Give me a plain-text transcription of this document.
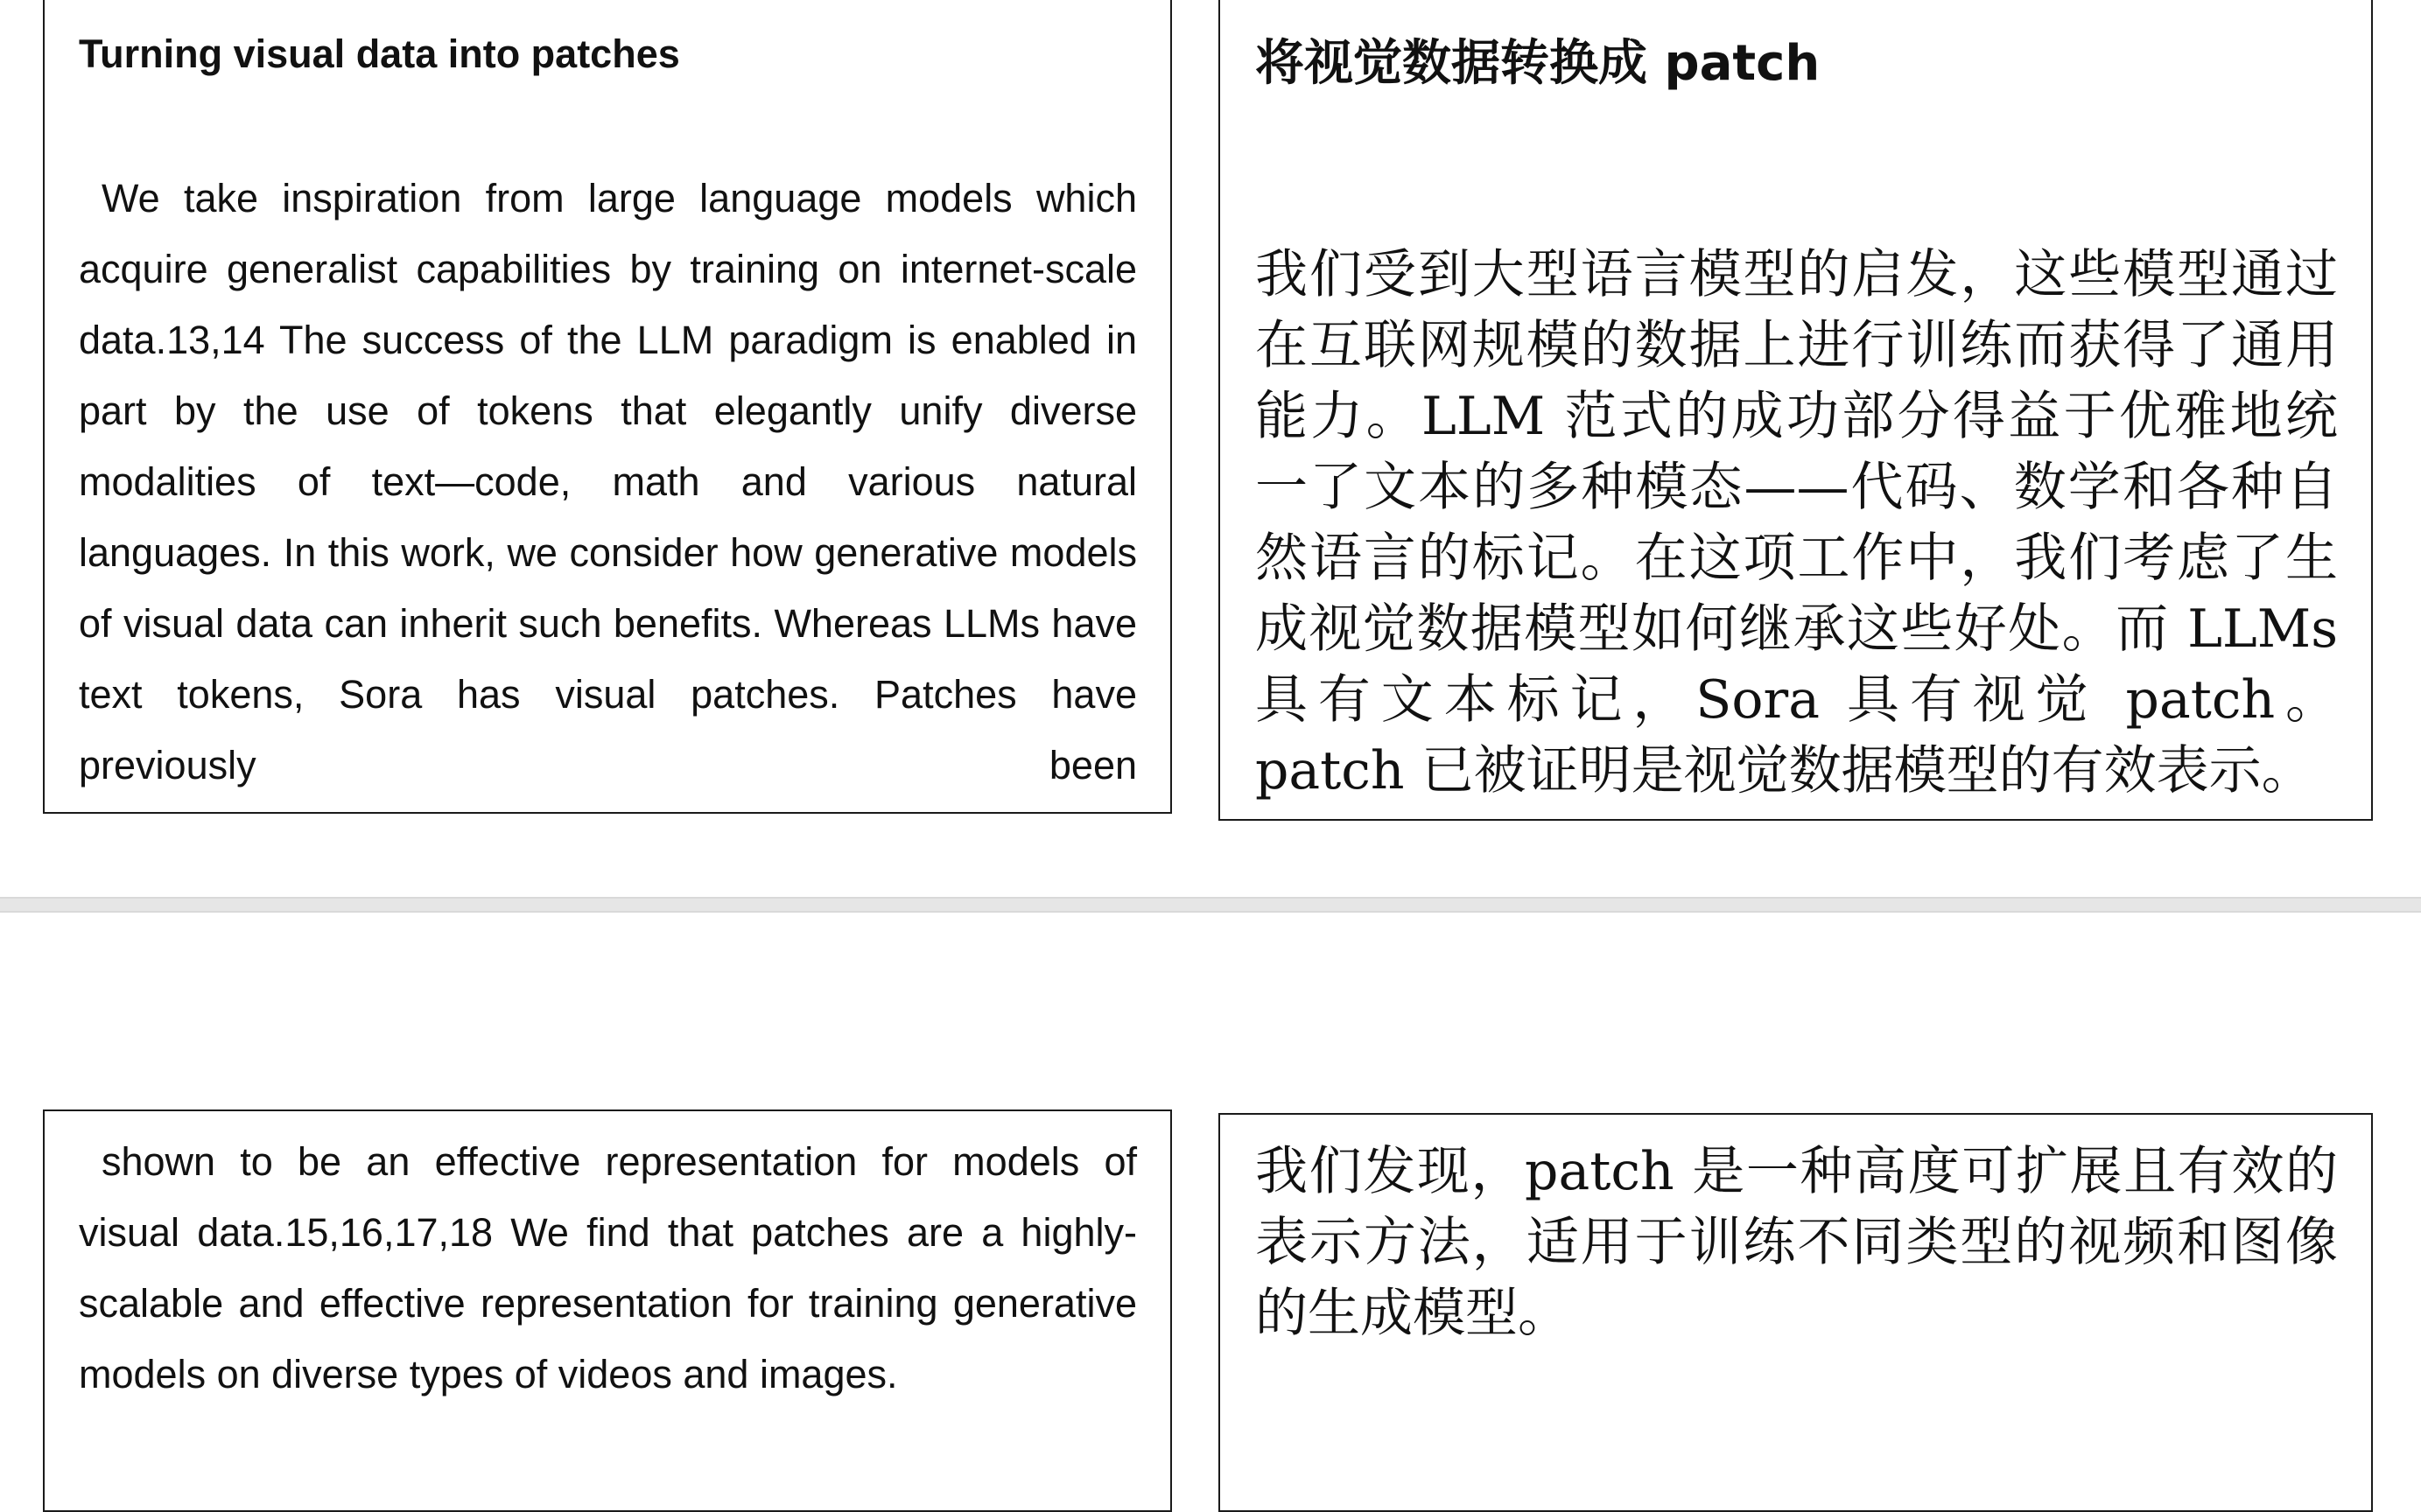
Turning visual data into patches

We take inspiration from large language models which acquire generalist capabilities by training on internet-scale data.13,14 The success of the LLM paradigm is enabled in part by the use of tokens that elegantly unify diverse modalities of text—code, math and various natural languages. In this work, we consider how generative models of visual data can inherit such benefits. Whereas LLMs have text tokens, Sora has visual patches. Patches have previously been

将视觉数据转换成 patch

我们受到大型语言模型的启发，这些模型通过在互联网规模的数据上进行训练而获得了通用能力。LLM 范式的成功部分得益于优雅地统一了文本的多种模态——代码、数学和各种自然语言的标记。在这项工作中，我们考虑了生成视觉数据模型如何继承这些好处。而 LLMs 具有文本标记，Sora 具有视觉 patch。patch 已被证明是视觉数据模型的有效表示。

shown to be an effective representation for models of visual data.15,16,17,18 We find that patches are a highly-scalable and effective representation for training generative models on diverse types of videos and images.

我们发现，patch 是一种高度可扩展且有效的表示方法，适用于训练不同类型的视频和图像的生成模型。
